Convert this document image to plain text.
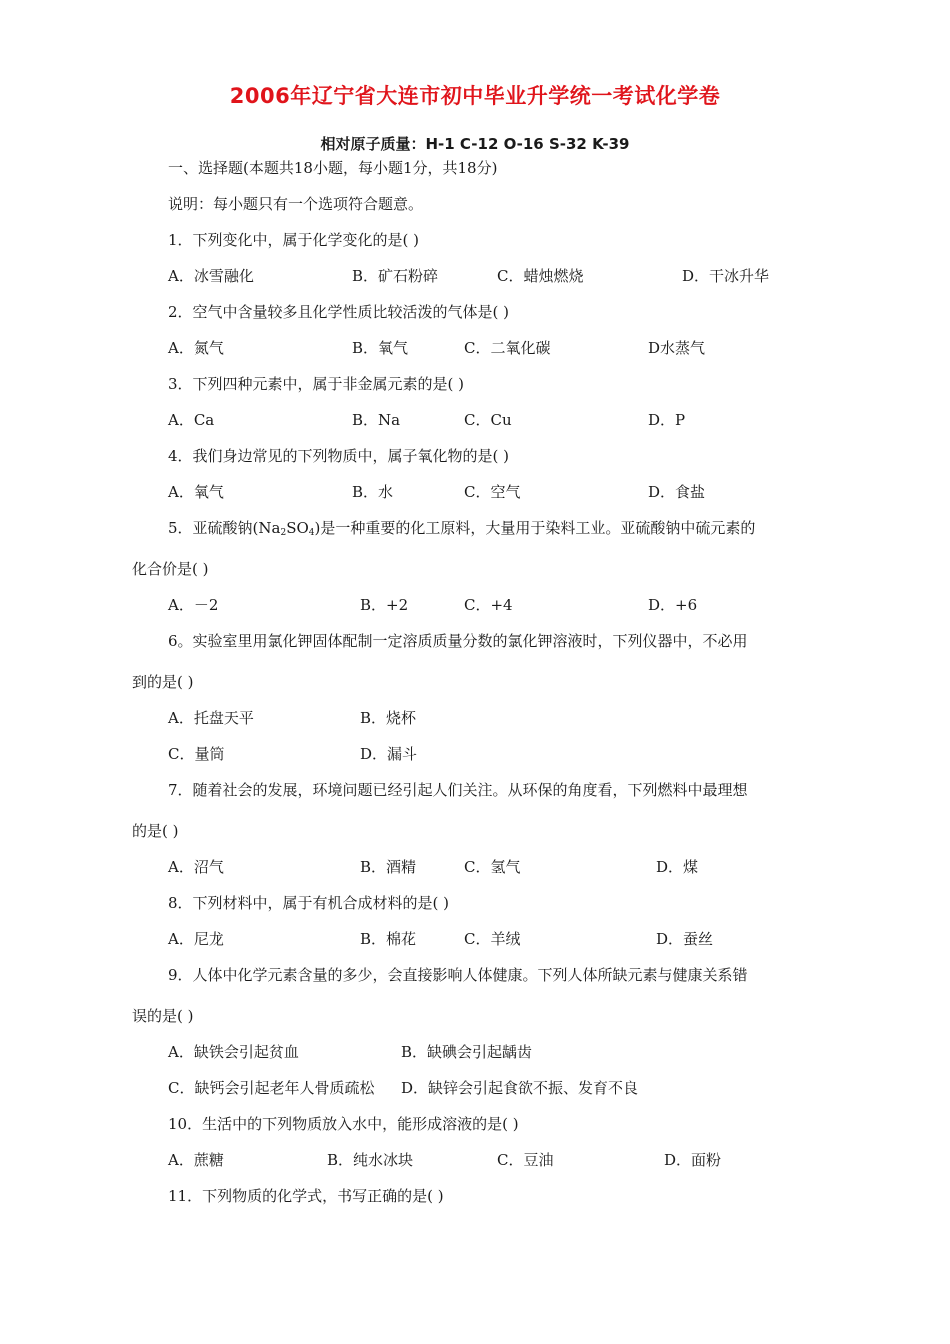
2006年辽宁省大连市初中毕业升学统一考试化学卷
相对原子质量：H-1 C-12 O-16 S-32 K-39
一、选择题(本题共18小题，每小题1分，共18分)
说明：每小题只有一个选项符合题意。
1．下列变化中，属于化学变化的是( )
A．冰雪融化	B．矿石粉碎	C．蜡烛燃烧	D．干冰升华
2．空气中含量较多且化学性质比较活泼的气体是( )
A．氮气	B．氧气	C．二氧化碳	D水蒸气
3．下列四种元素中，属于非金属元素的是( )
A．Ca	B．Na	C．Cu	D．P
4．我们身边常见的下列物质中，属子氧化物的是( )
A．氧气	B．水	C．空气	D．食盐
5．亚硫酸钠$(Na_2SO_4)$是一种重要的化工原料，大量用于染料工业。亚硫酸钠中硫元素的
化合价是( )
A．－2	B．+2	C．+4	D．+6
6。实验室里用氯化钾固体配制一定溶质质量分数的氯化钾溶液时，下列仪器中，不必用
到的是( )
A．托盘天平	B．烧杯
C．量筒	D．漏斗
7．随着社会的发展，环境问题已经引起人们关注。从环保的角度看，下列燃料中最理想
的是( )
A．沼气	B．酒精	C．氢气	D．煤
8．下列材料中，属于有机合成材料的是( )
A．尼龙	B．棉花	C．羊绒	D．蚕丝
9．人体中化学元素含量的多少，会直接影响人体健康。下列人体所缺元素与健康关系错
误的是( )
A．缺铁会引起贫血	B．缺碘会引起龋齿
C．缺钙会引起老年人骨质疏松 D．缺锌会引起食欲不振、发育不良
10．生活中的下列物质放入水中，能形成溶液的是( )
A．蔗糖	B．纯水冰块	C．豆油	D．面粉
11．下列物质的化学式，书写正确的是( )
